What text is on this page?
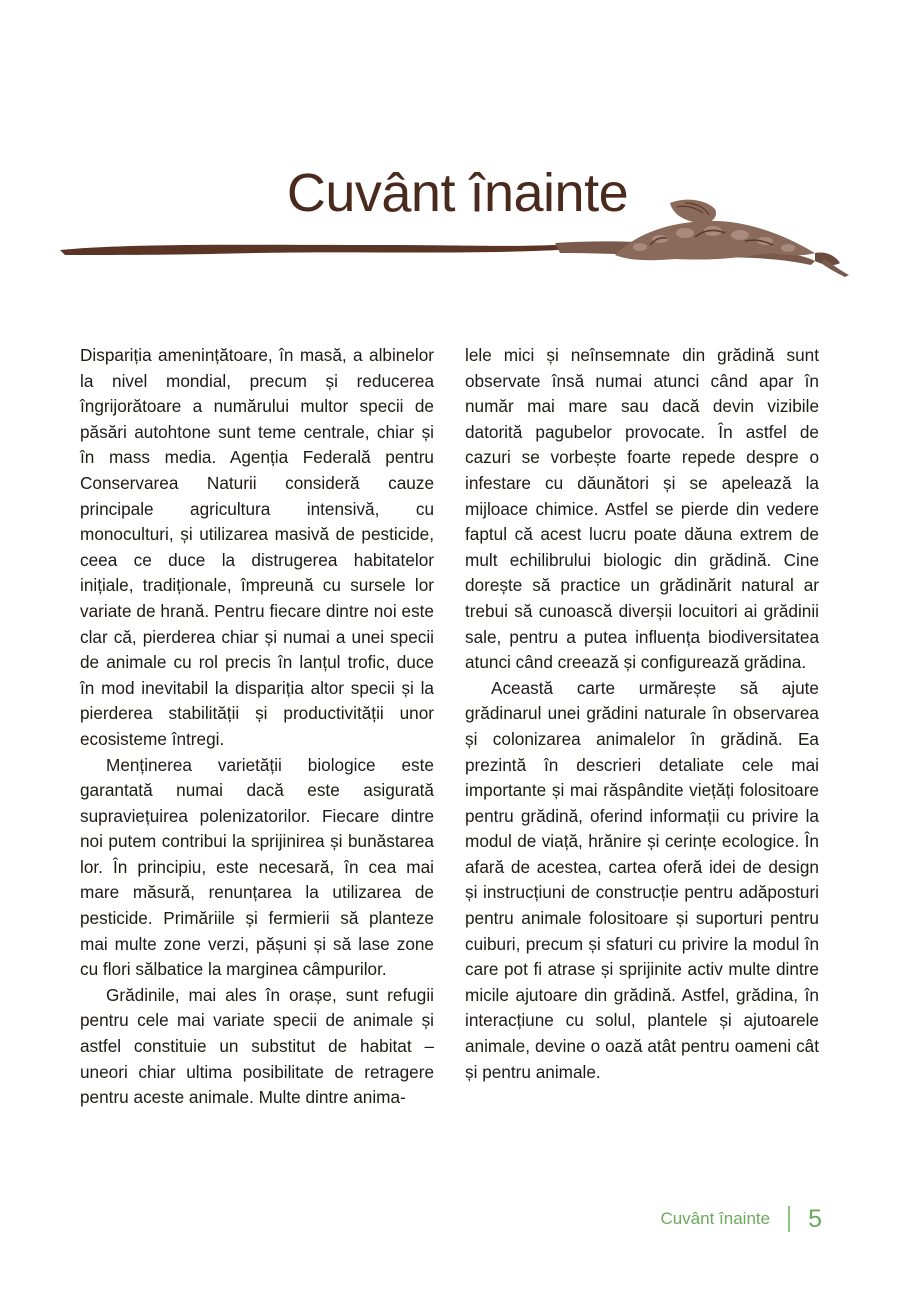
Cuvânt înainte

Dispariția amenințătoare, în masă, a albinelor la nivel mondial, precum și reducerea îngrijorătoare a numărului multor specii de păsări autohtone sunt teme centrale, chiar și în mass media. Agenția Federală pentru Conservarea Naturii consideră cauze principale agricultura intensivă, cu monoculturi, și utilizarea masivă de pesticide, ceea ce duce la distrugerea habitatelor inițiale, tradiționale, împreună cu sursele lor variate de hrană. Pentru fiecare dintre noi este clar că, pierderea chiar și numai a unei specii de animale cu rol precis în lanțul trofic, duce în mod inevitabil la dispariția altor specii și la pierderea stabilității și productivității unor ecosisteme întregi.

Menținerea varietății biologice este garantată numai dacă este asigurată supraviețuirea polenizatorilor. Fiecare dintre noi putem contribui la sprijinirea și bunăstarea lor. În principiu, este necesară, în cea mai mare măsură, renunțarea la utilizarea de pesticide. Primăriile și fermierii să planteze mai multe zone verzi, pășuni și să lase zone cu flori sălbatice la marginea câmpurilor.

Grădinile, mai ales în orașe, sunt refugii pentru cele mai variate specii de animale și astfel constituie un substitut de habitat – uneori chiar ultima posibilitate de retragere pentru aceste animale. Multe dintre anima-

lele mici și neînsemnate din grădină sunt observate însă numai atunci când apar în număr mai mare sau dacă devin vizibile datorită pagubelor provocate. În astfel de cazuri se vorbește foarte repede despre o infestare cu dăunători și se apelează la mijloace chimice. Astfel se pierde din vedere faptul că acest lucru poate dăuna extrem de mult echilibrului biologic din grădină. Cine dorește să practice un grădinărit natural ar trebui să cunoască diverșii locuitori ai grădinii sale, pentru a putea influența biodiversitatea atunci când creează și configurează grădina.

Această carte urmărește să ajute grădinarul unei grădini naturale în observarea și colonizarea animalelor în grădină. Ea prezintă în descrieri detaliate cele mai importante și mai răspândite viețăți folositoare pentru grădină, oferind informații cu privire la modul de viață, hrănire și cerințe ecologice. În afară de acestea, cartea oferă idei de design și instrucțiuni de construcție pentru adăposturi pentru animale folositoare și suporturi pentru cuiburi, precum și sfaturi cu privire la modul în care pot fi atrase și sprijinite activ multe dintre micile ajutoare din grădină. Astfel, grădina, în interacțiune cu solul, plantele și ajutoarele animale, devine o oază atât pentru oameni cât și pentru animale.

Cuvânt înainte 5
